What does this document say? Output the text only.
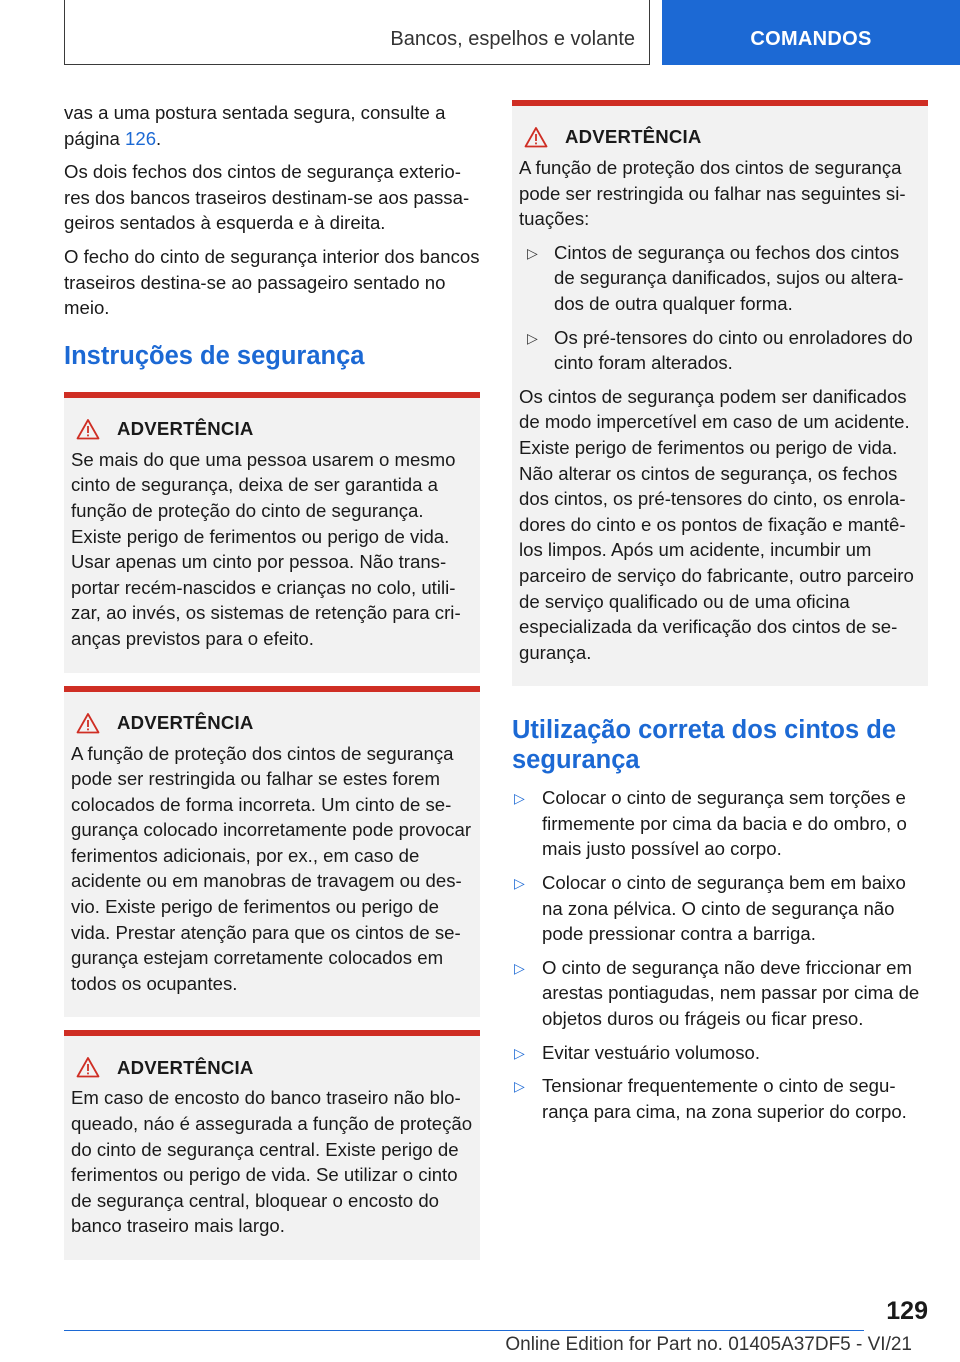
Bancos, espelhos e volante	COMANDOS

vas a uma postura sentada segura, consulte a página 126.

Os dois fechos dos cintos de segurança exteriores dos bancos traseiros destinam-se aos passageiros sentados à esquerda e à direita.

O fecho do cinto de segurança interior dos bancos traseiros destina-se ao passageiro sentado no meio.

Instruções de segurança
ADVERTÊNCIA
Se mais do que uma pessoa usarem o mesmo cinto de segurança, deixa de ser garantida a função de proteção do cinto de segurança. Existe perigo de ferimentos ou perigo de vida. Usar apenas um cinto por pessoa. Não transportar recém-nascidos e crianças no colo, utilizar, ao invés, os sistemas de retenção para crianças previstos para o efeito.
ADVERTÊNCIA
A função de proteção dos cintos de segurança pode ser restringida ou falhar se estes forem colocados de forma incorreta. Um cinto de segurança colocado incorretamente pode provocar ferimentos adicionais, por ex., em caso de acidente ou em manobras de travagem ou desvio. Existe perigo de ferimentos ou perigo de vida. Prestar atenção para que os cintos de segurança estejam corretamente colocados em todos os ocupantes.
ADVERTÊNCIA
Em caso de encosto do banco traseiro não bloqueado, náo é assegurada a função de proteção do cinto de segurança central. Existe perigo de ferimentos ou perigo de vida. Se utilizar o cinto de segurança central, bloquear o encosto do banco traseiro mais largo.
ADVERTÊNCIA
A função de proteção dos cintos de segurança pode ser restringida ou falhar nas seguintes situações:
▷ Cintos de segurança ou fechos dos cintos de segurança danificados, sujos ou alterados de outra qualquer forma.
▷ Os pré-tensores do cinto ou enroladores do cinto foram alterados.
Os cintos de segurança podem ser danificados de modo impercetível em caso de um acidente. Existe perigo de ferimentos ou perigo de vida. Não alterar os cintos de segurança, os fechos dos cintos, os pré-tensores do cinto, os enroladores do cinto e os pontos de fixação e mantê-los limpos. Após um acidente, incumbir um parceiro de serviço do fabricante, outro parceiro de serviço qualificado ou de uma oficina especializada da verificação dos cintos de segurança.
Utilização correta dos cintos de segurança
▷ Colocar o cinto de segurança sem torções e firmemente por cima da bacia e do ombro, o mais justo possível ao corpo.
▷ Colocar o cinto de segurança bem em baixo na zona pélvica. O cinto de segurança não pode pressionar contra a barriga.
▷ O cinto de segurança não deve friccionar em arestas pontiagudas, nem passar por cima de objetos duros ou frágeis ou ficar preso.
▷ Evitar vestuário volumoso.
▷ Tensionar frequentemente o cinto de segurança para cima, na zona superior do corpo.
129
Online Edition for Part no. 01405A37DF5 - VI/21
